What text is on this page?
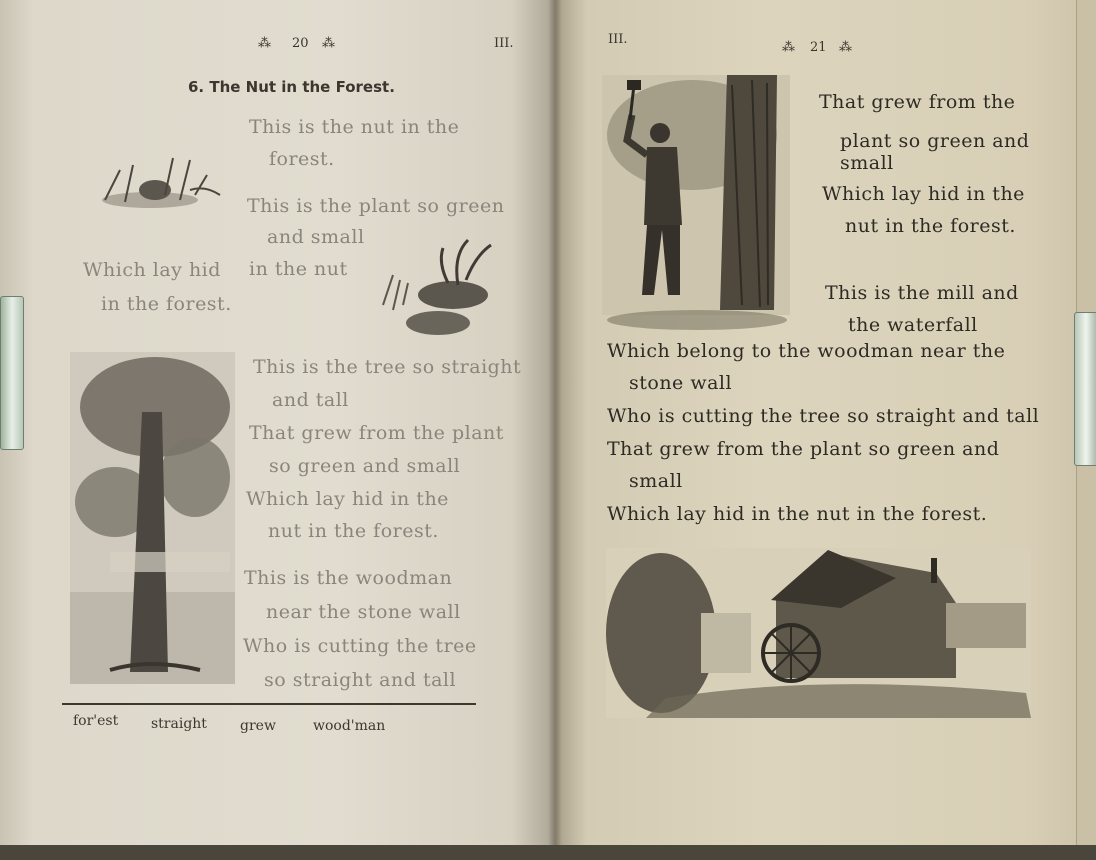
⁂ 20 ⁂	III.
6. The Nut in the Forest.
This is the nut in the
forest.
This is the plant so green
and small
Which lay hid in the nut
in the forest.
This is the tree so straight
and tall
That grew from the plant
so green and small
Which lay hid in the
nut in the forest.
This is the woodman
near the stone wall
Who is cutting the tree
so straight and tall
for'est straight grew	wood'man
III.
⁂ 21 ⁂
That grew from the
plant so green and
small
Which lay hid in the
nut in the forest.
This is the mill and
the waterfall
Which belong to the woodman near the
stone wall
Who is cutting the tree so straight and tall
That grew from the plant so green and
small
Which lay hid in the nut in the forest.
